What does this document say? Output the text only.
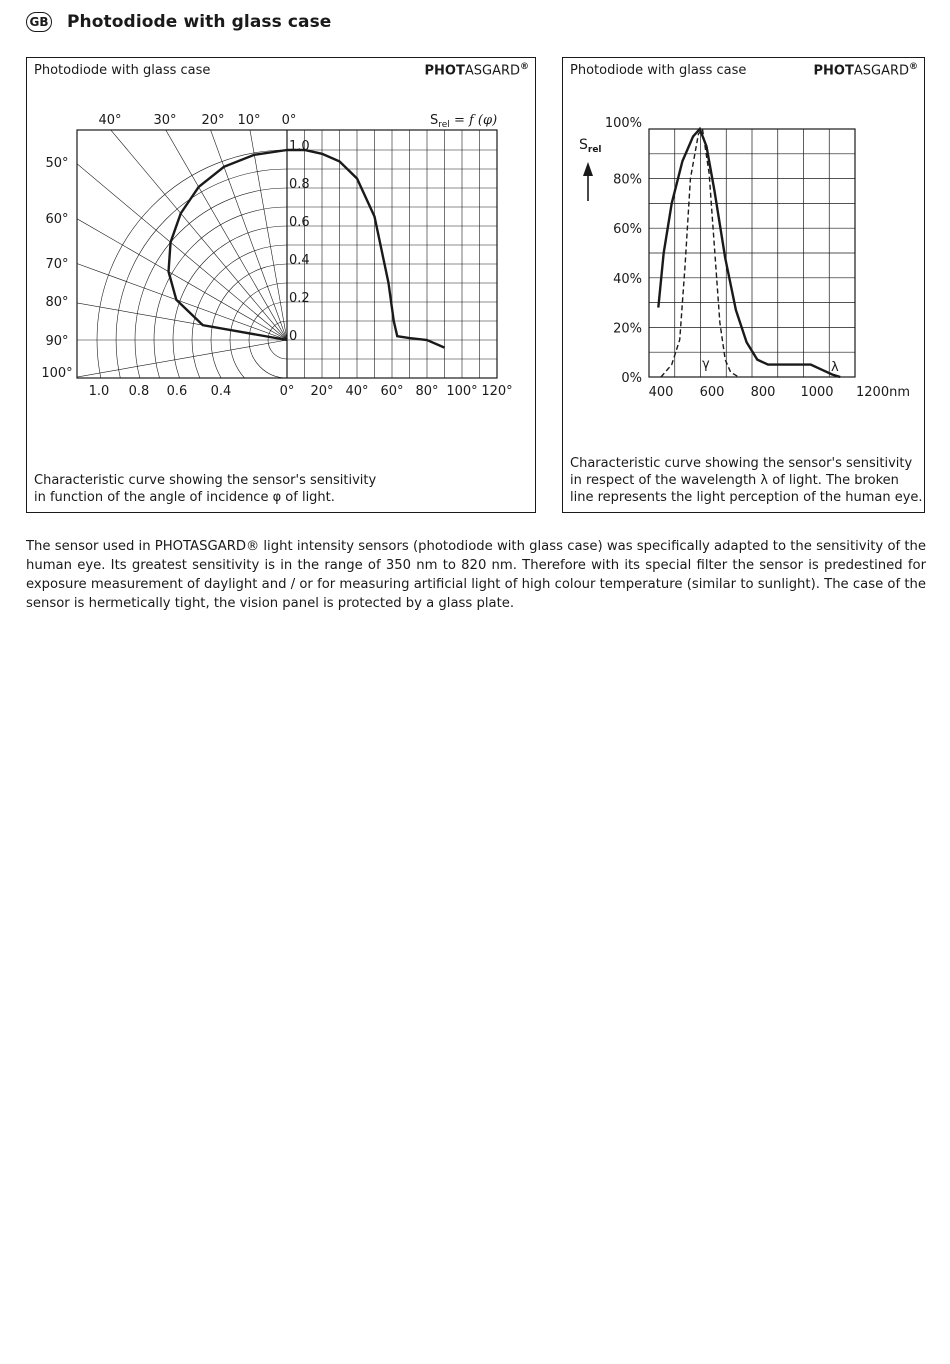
GB Photodiode with glass case
Photodiode with glass case	PHOTASGARD®
40° 30° 20° 10° 0°
50°
60°
70°
80°
90°
100°
1.0 0.8 0.6 0.4	0° 20° 40° 60° 80° 100° 120°
1.0
0.8
0.6
0.4
0.2
0
$S_{rel} = f$ (φ)
Characteristic curve showing the sensor's sensitivity
in function of the angle of incidence φ of light.
Photodiode with glass case	PHOTASGARD®
100%
80%
60%
40%
20%
0%
400 600 800 1000 1200nm
$S_{rel}$
γ	λ
Characteristic curve showing the sensor's sensitivity
in respect of the wavelength λ of light. The broken
line represents the light perception of the human eye.
The sensor used in PHOTASGARD® light intensity sensors (photodiode with glass case) was specifically adapted to the sensitivity of the human eye. Its greatest sensitivity is in the range of 350 nm to 820 nm. Therefore with its special filter the sensor is predestined for exposure measurement of daylight and / or for measuring artificial light of high colour temperature (similar to sunlight). The case of the sensor is hermetically tight, the vision panel is protected by a glass plate.
